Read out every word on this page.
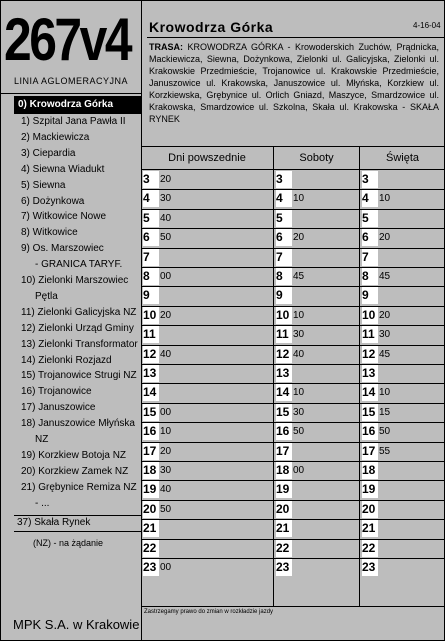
267v4
LINIA AGLOMERACYJNA
0) Krowodrza Górka
1) Szpital Jana Pawła II
2) Mackiewicza
3) Ciepardia
4) Siewna Wiadukt
5) Siewna
6) Dożynkowa
7) Witkowice Nowe
8) Witkowice
9) Os. Marszowiec
- GRANICA TARYF.
10) Zielonki Marszowiec
Pętla
11) Zielonki Galicyjska NZ
12) Zielonki Urząd Gminy
13) Zielonki Transformator
14) Zielonki Rozjazd
15) Trojanowice Strugi NZ
16) Trojanowice
17) Januszowice
18) Januszowice Młyńska
NZ
19) Korzkiew Botoja NZ
20) Korzkiew Zamek NZ
21) Grębynice Remiza NZ
- ...
37) Skała Rynek
(NZ) - na żądanie
MPK S.A. w Krakowie
Krowodrza Górka	4-16-04
TRASA: KROWODRZA GÓRKA - Krowoderskich Zuchów, Prądnicka, Mackiewicza, Siewna, Dożynkowa, Zielonki ul. Galicyjska, Zielonki ul. Krakowskie Przedmieście, Trojanowice ul. Krakowskie Przedmieście, Januszowice ul. Krakowska, Januszowice ul. Młyńska, Korzkiew ul. Korzkiewska, Grębynice ul. Orlich Gniazd, Maszyce, Smardzowice ul. Krakowska, Smardzowice ul. Szkolna, Skała ul. Krakowska - SKAŁA RYNEK
Dni powszednie	Soboty	Święta
3	20	3	3
4	30	4	10	4	10
5	40	5	5
6	50	6	20	6	20
7	7	7
8	00	8	45	8	45
9	9	9
10 20	10 10	10 20
11	11 30	11 30
12 40	12 40	12 45
13	13	13
14	14 10	14 10
15 00	15 30	15 15
16 10	16 50	16 50
17 20	17	17 55
18 30	18 00	18
19 40	19	19
20 50	20	20
21	21	21
22	22	22
23 00	23	23
Zastrzegamy prawo do zmian w rozkładzie jazdy
